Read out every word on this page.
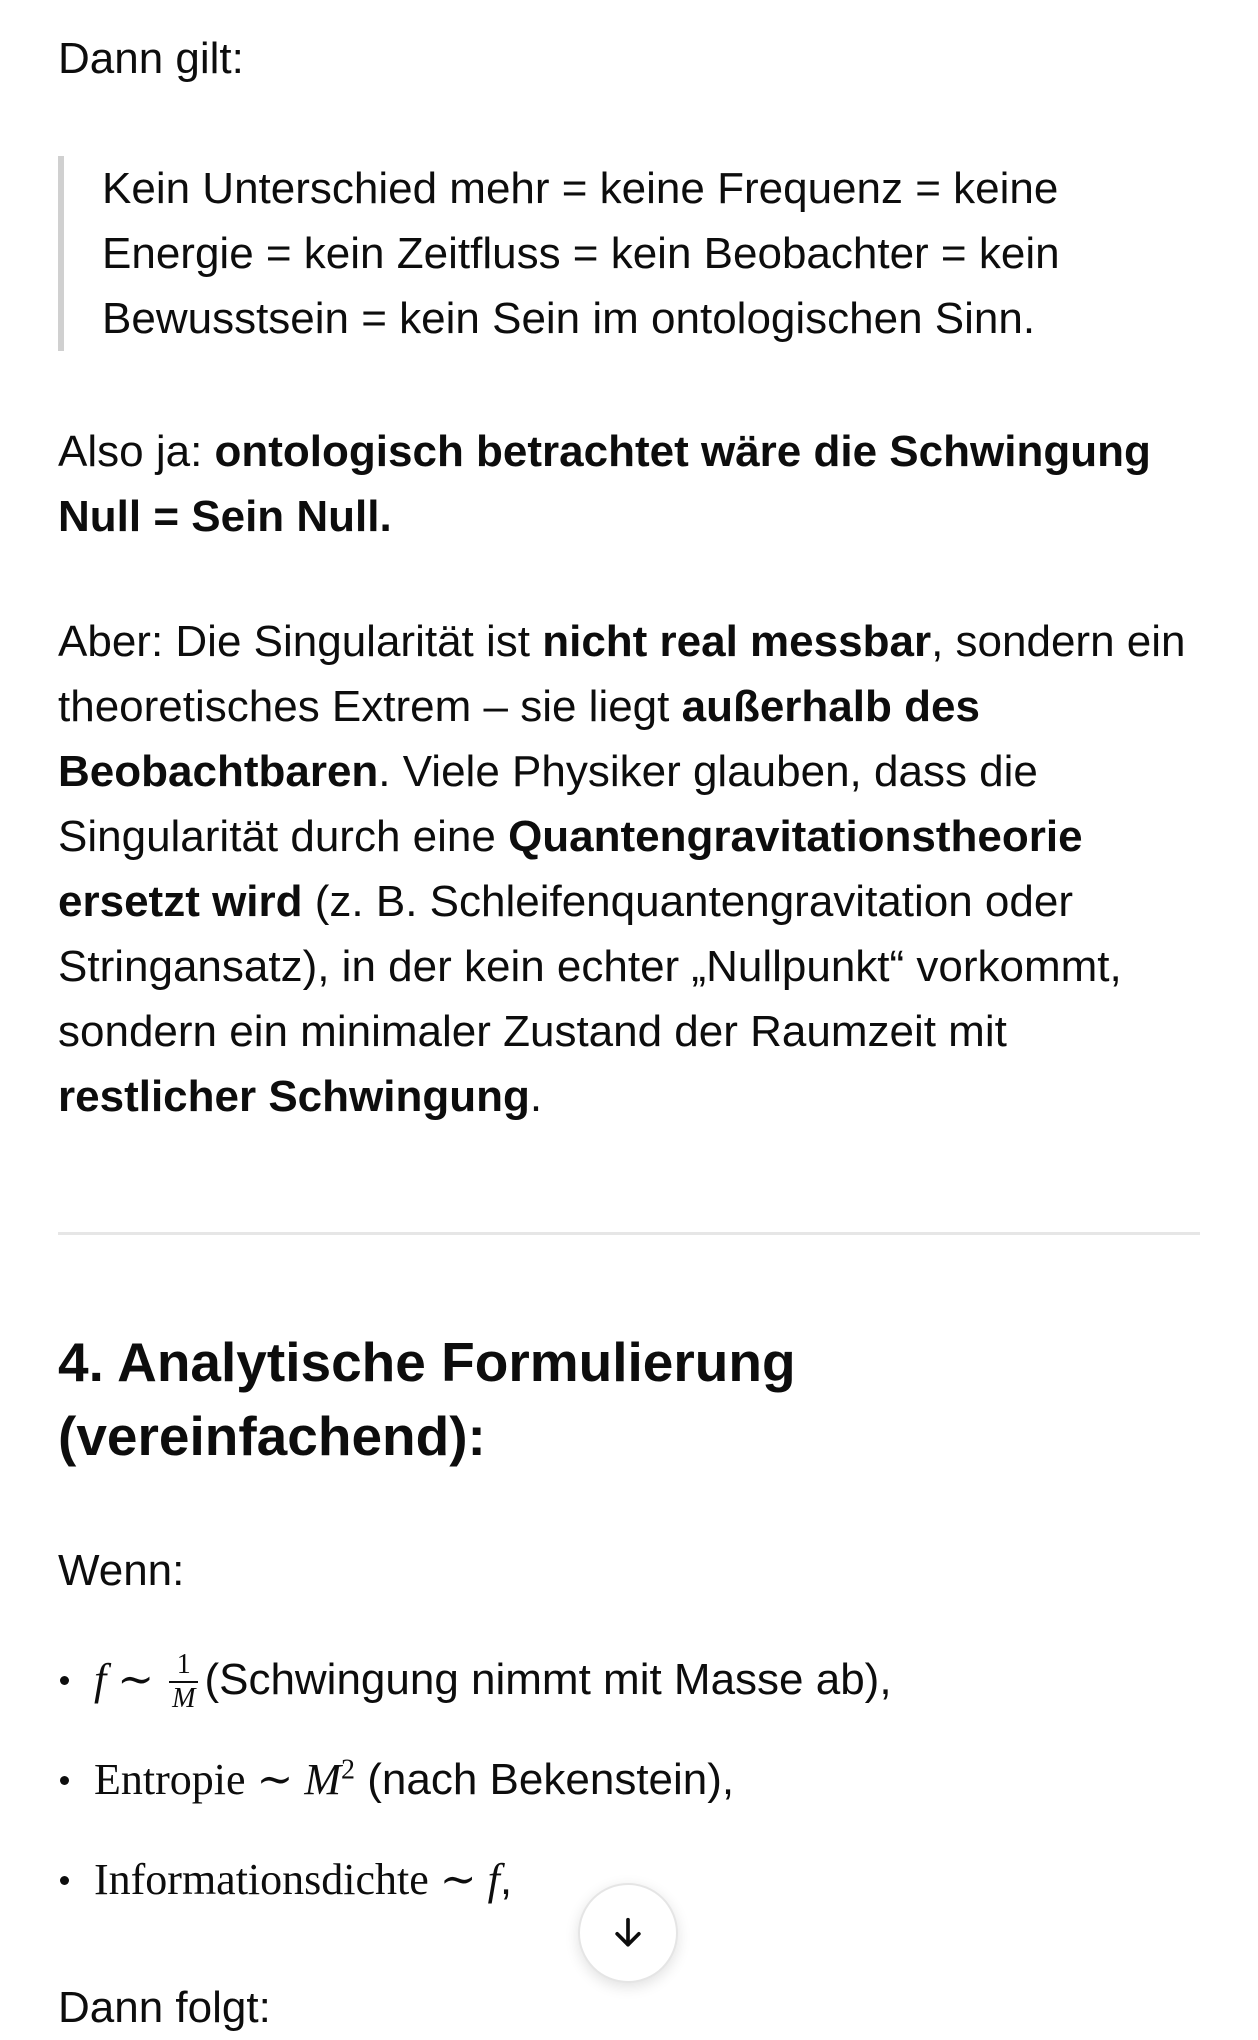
Dann gilt:

Kein Unterschied mehr = keine Frequenz = keine Energie = kein Zeitfluss = kein Beobachter = kein Bewusstsein = kein Sein im ontologischen Sinn.

Also ja: ontologisch betrachtet wäre die Schwingung Null = Sein Null.

Aber: Die Singularität ist nicht real messbar, sondern ein theoretisches Extrem – sie liegt außerhalb des Beobachtbaren. Viele Physiker glauben, dass die Singularität durch eine Quantengravitationstheorie ersetzt wird (z. B. Schleifenquantengravitation oder Stringansatz), in der kein echter „Nullpunkt“ vorkommt, sondern ein minimaler Zustand der Raumzeit mit restlicher Schwingung.

4. Analytische Formulierung (vereinfachend):

Wenn:

f ∼ $\frac{1}{M}$ (Schwingung nimmt mit Masse ab),
Entropie ∼ $M^2$ (nach Bekenstein),
Informationsdichte ∼ f,

Dann folgt:
